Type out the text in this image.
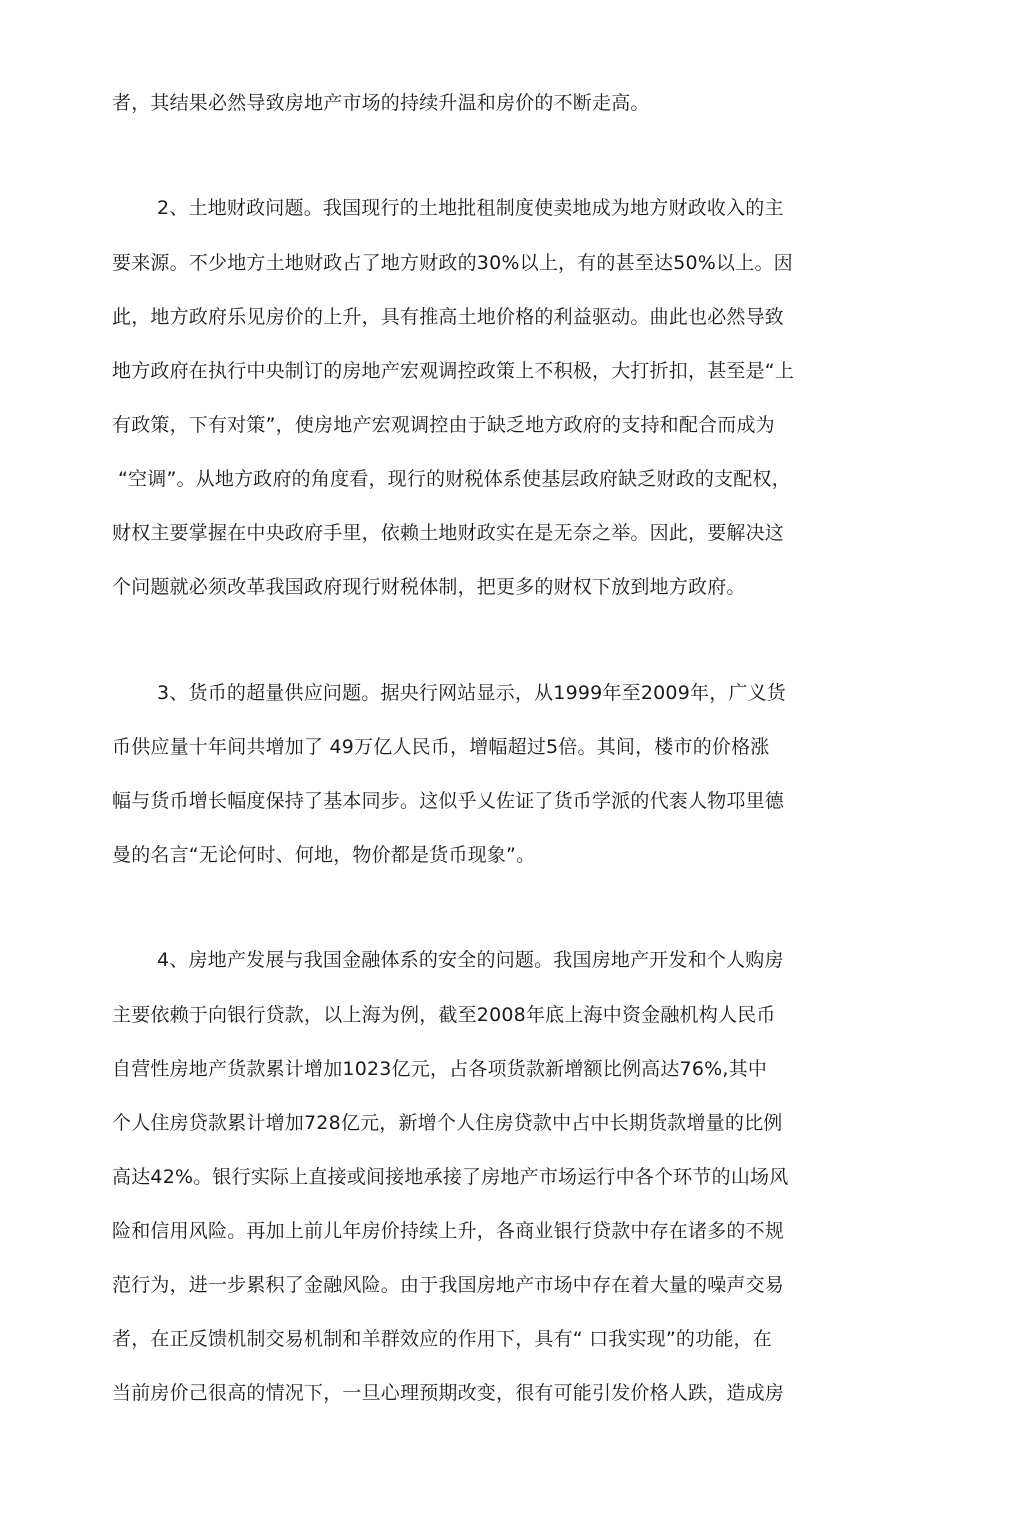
者，其结果必然导致房地产市场的持续升温和房价的不断走高。

2、土地财政问题。我国现行的土地批租制度使卖地成为地方财政收入的主

要来源。不少地方土地财政占了地方财政的30%以上，有的甚至达50%以上。因

此，地方政府乐见房价的上升，具有推高土地价格的利益驱动。曲此也必然导致

地方政府在执行中央制订的房地产宏观调控政策上不积极，大打折扣，甚至是“上

有政策，下有对策”，使房地产宏观调控由于缺乏地方政府的支持和配合而成为

“空调”。从地方政府的角度看，现行的财税体系使基层政府缺乏财政的支配权，

财权主要掌握在中央政府手里，依赖土地财政实在是无奈之举。因此，要解决这

个问题就必须改革我国政府现行财税体制，把更多的财权下放到地方政府。

3、货币的超量供应问题。据央行网站显示，从1999年至2009年，广义货

币供应量十年间共增加了 49万亿人民币，增幅超过5倍。其间，楼市的价格涨

幅与货币增长幅度保持了基本同步。这似乎乂佐证了货币学派的代袠人物邛里德

曼的名言“无论何时、何地，物价都是货币现象”。

4、房地产发展与我国金融体系的安全的问题。我国房地产开发和个人购房

主要依赖于向银行贷款，以上海为例，截至2008年底上海中资金融机构人民币

自营性房地产货款累计增加1023亿元，占各项货款新增额比例高达76%,其中

个人住房贷款累计增加728亿元，新增个人住房贷款中占中长期货款增量的比例

高达42%。银行实际上直接或间接地承接了房地产市场运行中各个环节的山场风

险和信用风险。再加上前儿年房价持续上升，各商业银行贷款中存在诸多的不规

范行为，进一步累积了金融风险。由于我国房地产市场中存在着大量的噪声交易

者，在正反馈机制交易机制和羊群效应的作用下，具有“ 口我实现”的功能，在

当前房价己很高的情况下，一旦心理预期改变，很有可能引发价格人跌，造成房
